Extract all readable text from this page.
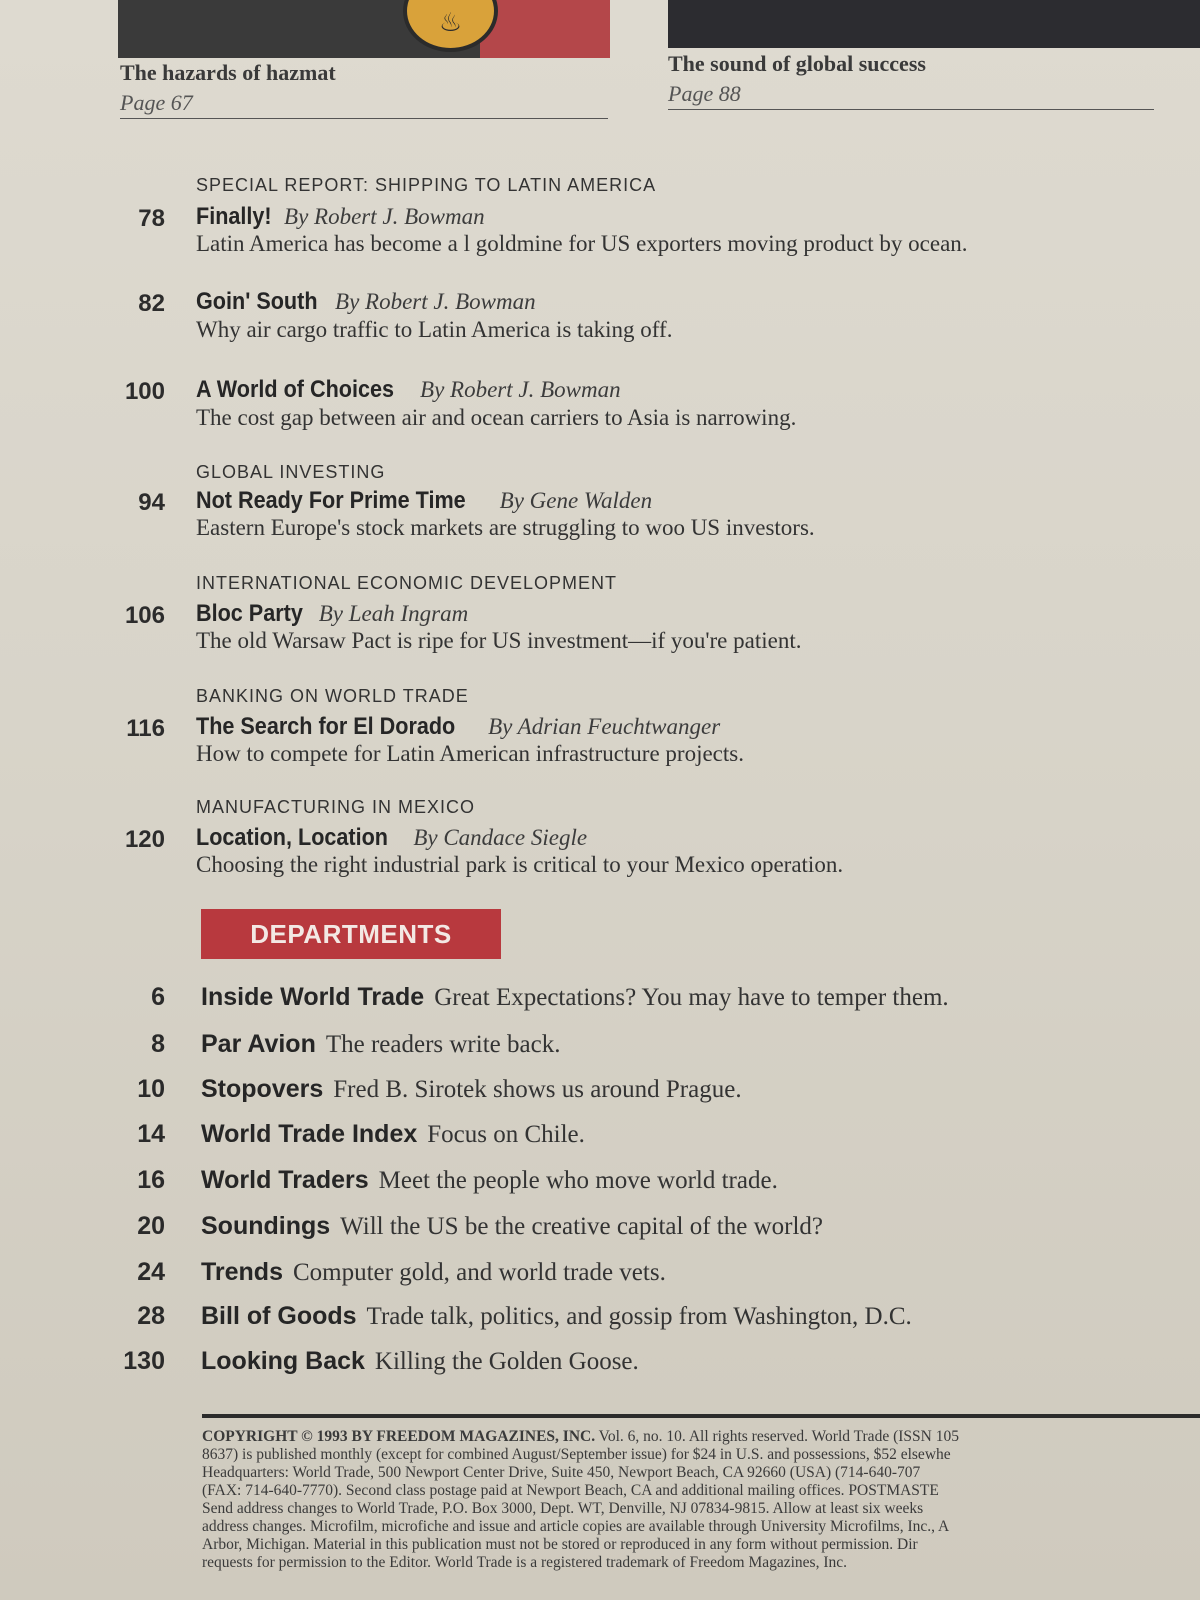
♨
The hazards of hazmat
Page 67
The sound of global success
Page 88
SPECIAL REPORT: SHIPPING TO LATIN AMERICA
78 Finally! By Robert J. Bowman
Latin America has become a l goldmine for US exporters moving product by ocean.
82 Goin' South By Robert J. Bowman
Why air cargo traffic to Latin America is taking off.
100 A World of Choices By Robert J. Bowman
The cost gap between air and ocean carriers to Asia is narrowing.
GLOBAL INVESTING
94 Not Ready For Prime Time By Gene Walden
Eastern Europe's stock markets are struggling to woo US investors.
INTERNATIONAL ECONOMIC DEVELOPMENT
106 Bloc Party By Leah Ingram
The old Warsaw Pact is ripe for US investment—if you're patient.
BANKING ON WORLD TRADE
116 The Search for El Dorado By Adrian Feuchtwanger
How to compete for Latin American infrastructure projects.
MANUFACTURING IN MEXICO
120 Location, Location By Candace Siegle
Choosing the right industrial park is critical to your Mexico operation.
DEPARTMENTS
6 Inside World Trade Great Expectations? You may have to temper them.
8 Par Avion The readers write back.
10 Stopovers Fred B. Sirotek shows us around Prague.
14 World Trade Index Focus on Chile.
16 World Traders Meet the people who move world trade.
20 Soundings Will the US be the creative capital of the world?
24 Trends Computer gold, and world trade vets.
28 Bill of Goods Trade talk, politics, and gossip from Washington, D.C.
130 Looking Back Killing the Golden Goose.
COPYRIGHT © 1993 BY FREEDOM MAGAZINES, INC. Vol. 6, no. 10. All rights reserved. World Trade (ISSN 105
8637) is published monthly (except for combined August/September issue) for $24 in U.S. and possessions, $52 elsewhe
Headquarters: World Trade, 500 Newport Center Drive, Suite 450, Newport Beach, CA 92660 (USA) (714-640-707
(FAX: 714-640-7770). Second class postage paid at Newport Beach, CA and additional mailing offices. POSTMASTE
Send address changes to World Trade, P.O. Box 3000, Dept. WT, Denville, NJ 07834-9815. Allow at least six weeks
address changes. Microfilm, microfiche and issue and article copies are available through University Microfilms, Inc., A
Arbor, Michigan. Material in this publication must not be stored or reproduced in any form without permission. Dir
requests for permission to the Editor. World Trade is a registered trademark of Freedom Magazines, Inc.
